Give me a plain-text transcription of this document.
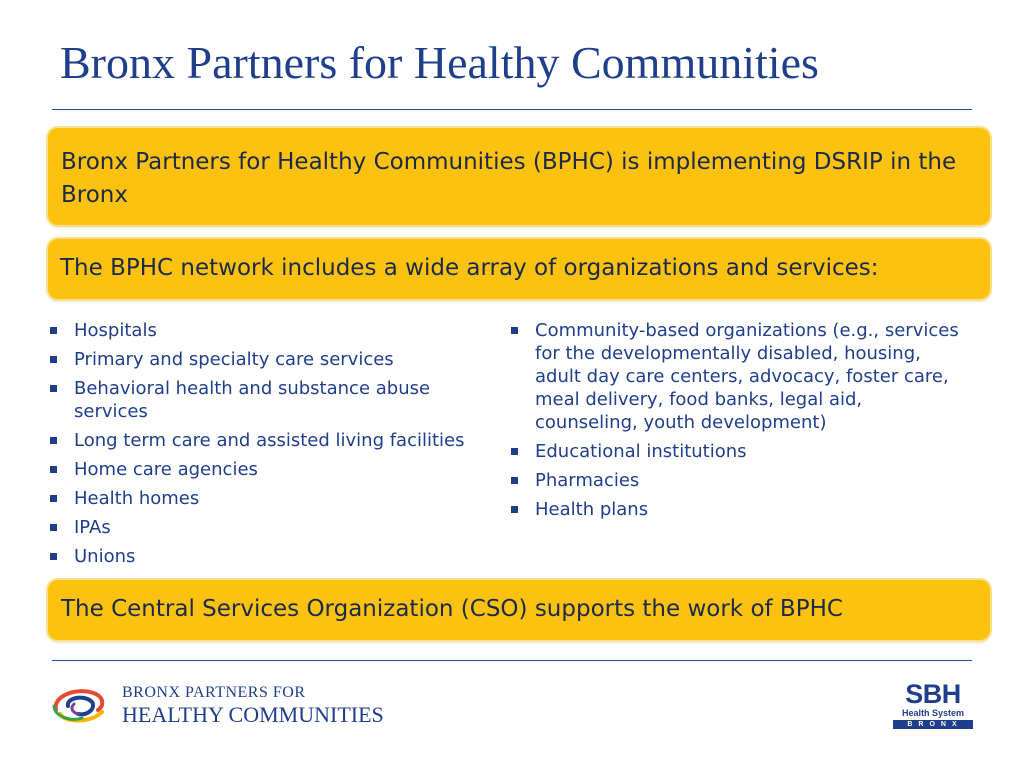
Bronx Partners for Healthy Communities
Bronx Partners for Healthy Communities (BPHC) is implementing DSRIP in the Bronx
The BPHC network includes a wide array of organizations and services:
Hospitals
Primary and specialty care services
Behavioral health and substance abuse services
Long term care and assisted living facilities
Home care agencies
Health homes
IPAs
Unions
Community-based organizations (e.g., services for the developmentally disabled, housing, adult day care centers, advocacy, foster care, meal delivery, food banks, legal aid, counseling, youth development)
Educational institutions
Pharmacies
Health plans
The Central Services Organization (CSO) supports the work of BPHC
BRONX PARTNERS FOR
HEALTHY COMMUNITIES
SBH
Health System
BRONX
